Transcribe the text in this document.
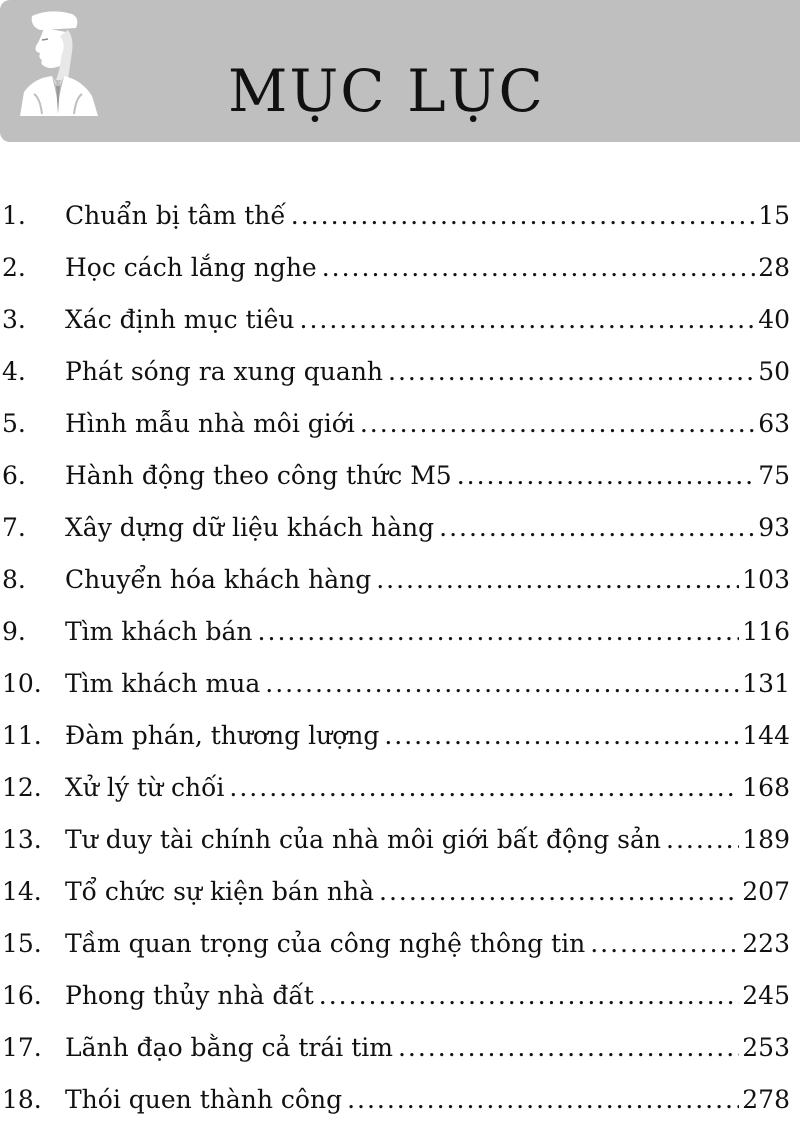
MỤC LỤC
1.	Chuẩn bị tâm thế .....	15
2.	Học cách lắng nghe .....	28
3.	Xác định mục tiêu .....	40
4.	Phát sóng ra xung quanh .....	50
5.	Hình mẫu nhà môi giới .....	63
6.	Hành động theo công thức M5 .....	75
7.	Xây dựng dữ liệu khách hàng .....	93
8.	Chuyển hóa khách hàng .....	103
9.	Tìm khách bán .....	116
10. Tìm khách mua .....	131
11. Đàm phán, thương lượng .....	144
12. Xử lý từ chối .....	168
13. Tư duy tài chính của nhà môi giới bất động sản .....	189
14. Tổ chức sự kiện bán nhà .....	207
15. Tầm quan trọng của công nghệ thông tin .....	223
16. Phong thủy nhà đất .....	245
17. Lãnh đạo bằng cả trái tim .....	253
18. Thói quen thành công .....	278
